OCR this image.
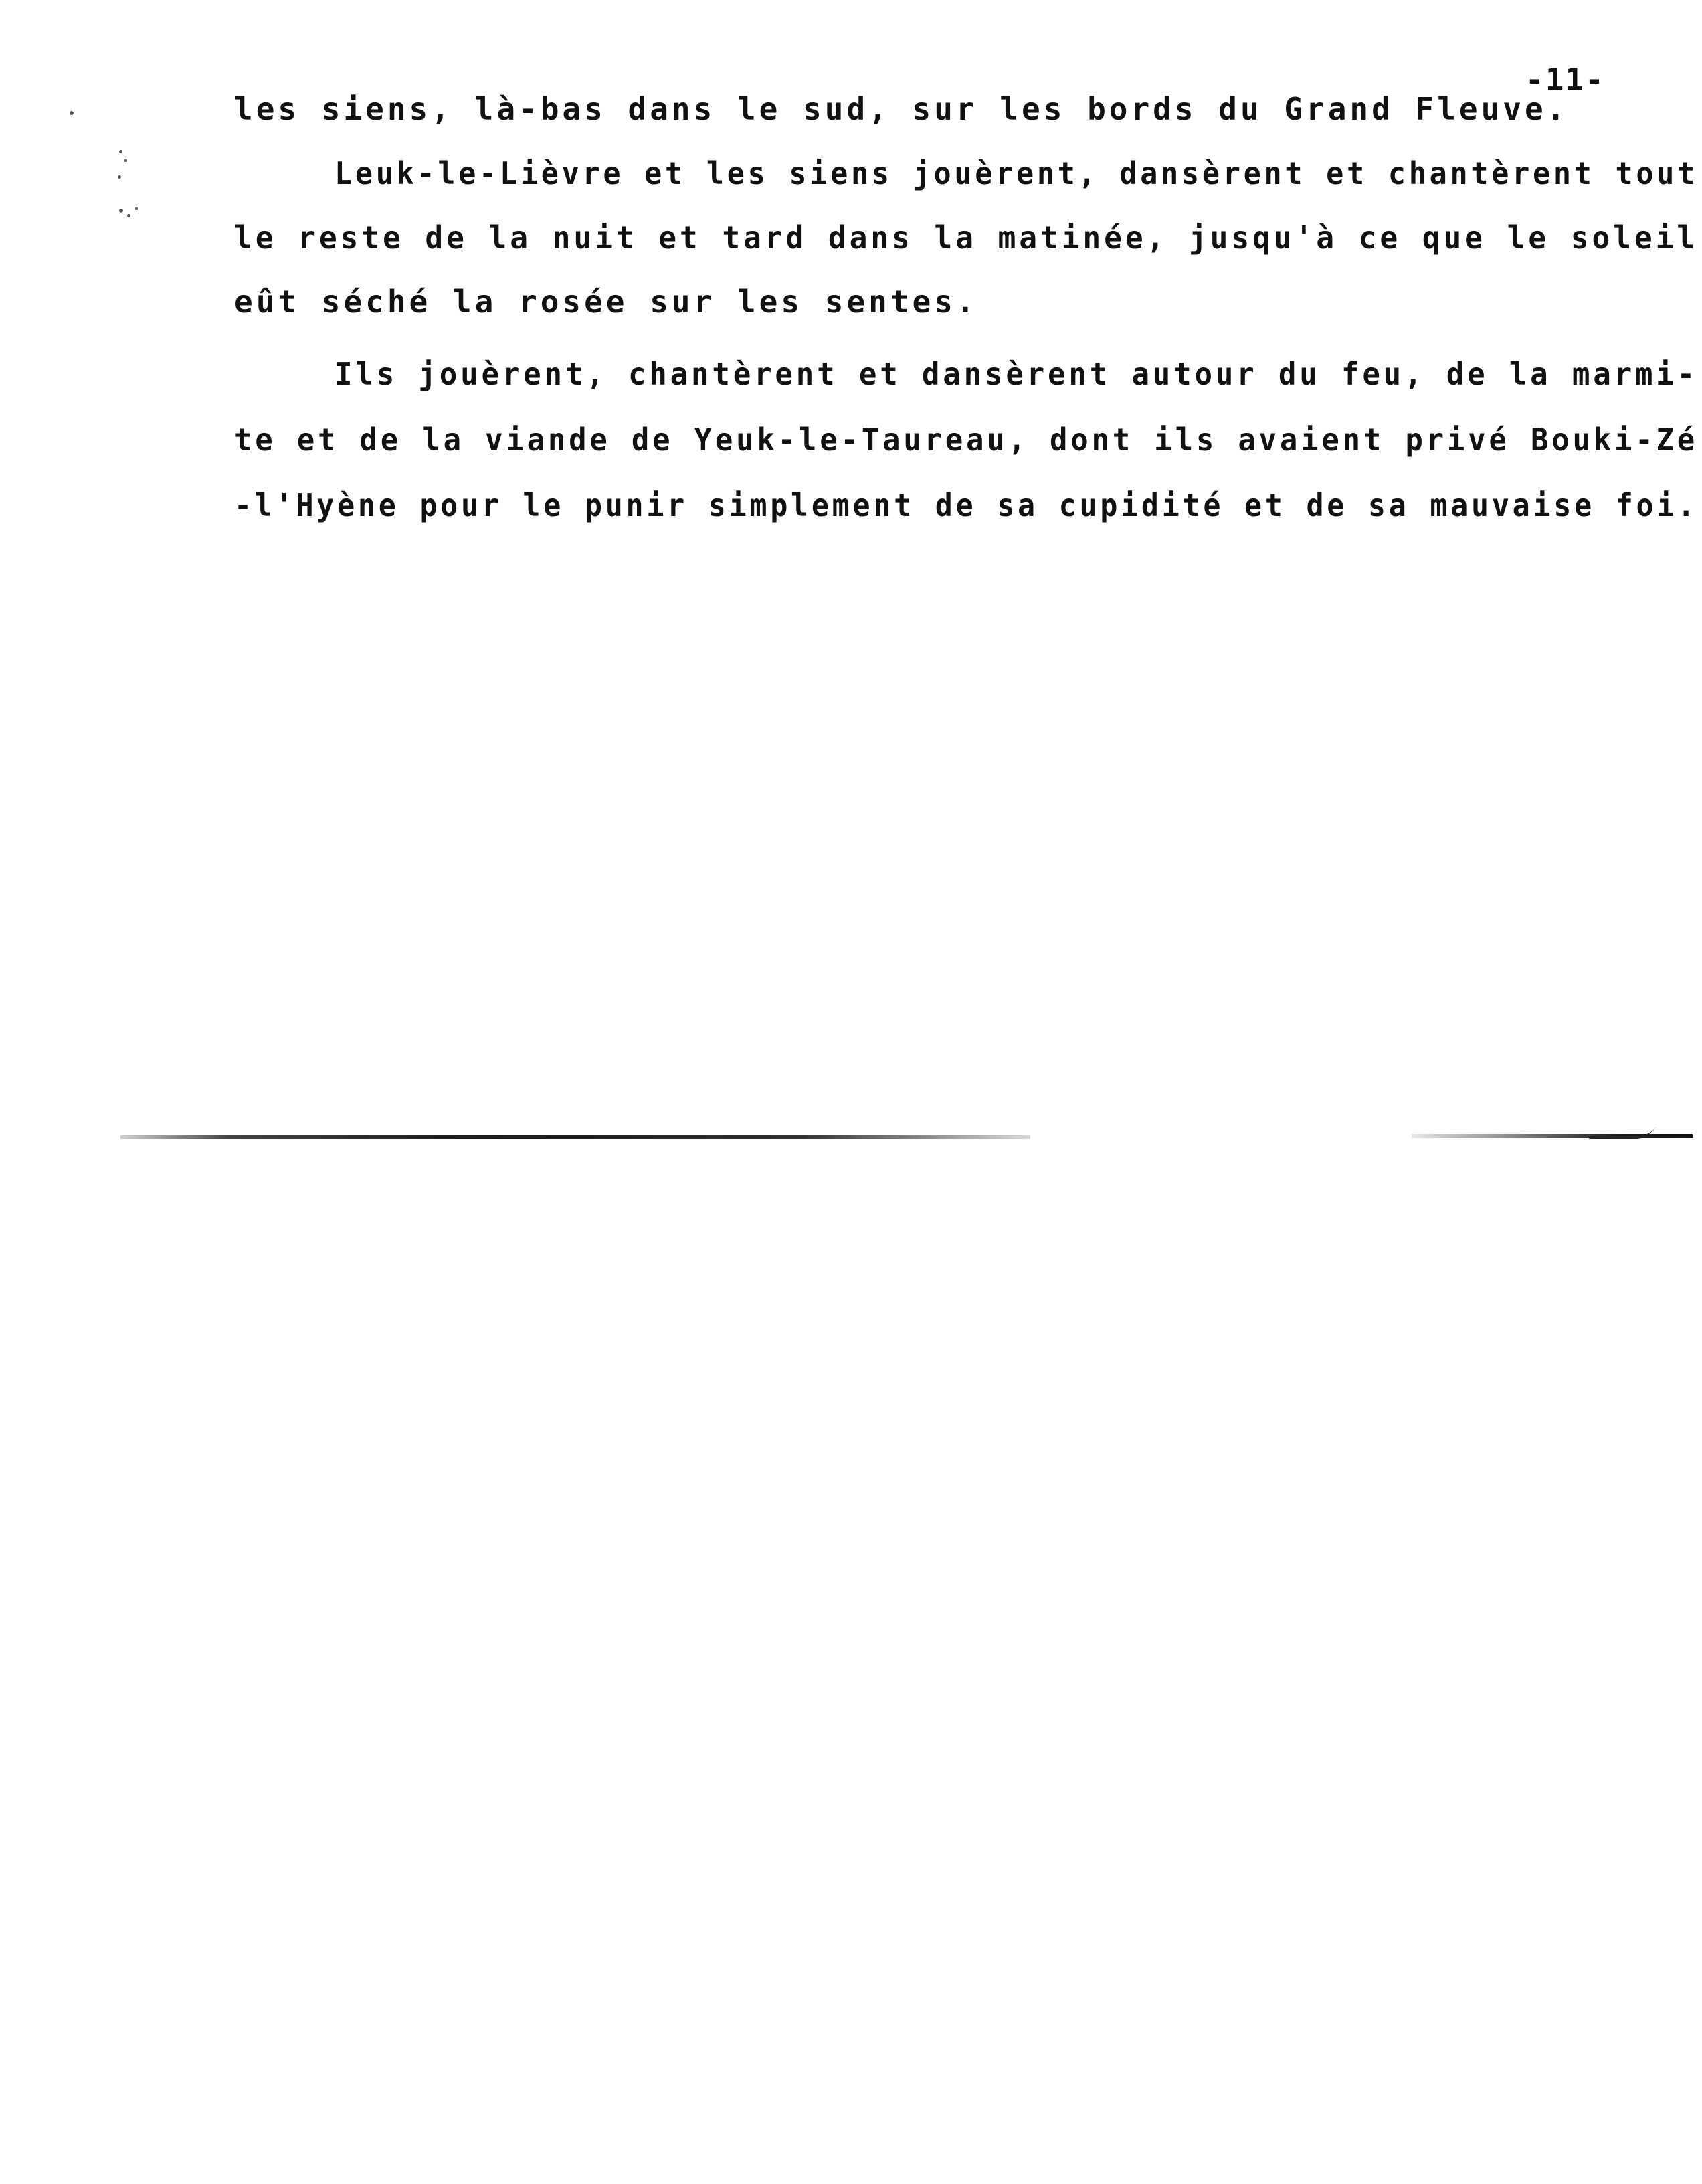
-11-
les siens, là-bas dans le sud, sur les bords du Grand Fleuve.
Leuk-le-Lièvre et les siens jouèrent, dansèrent et chantèrent tout
le reste de la nuit et tard dans la matinée, jusqu'à ce que le soleil
eût séché la rosée sur les sentes.
Ils jouèrent, chantèrent et dansèrent autour du feu, de la marmi-
te et de la viande de Yeuk-le-Taureau, dont ils avaient privé Bouki-Zé
-l'Hyène pour le punir simplement de sa cupidité et de sa mauvaise foi.
